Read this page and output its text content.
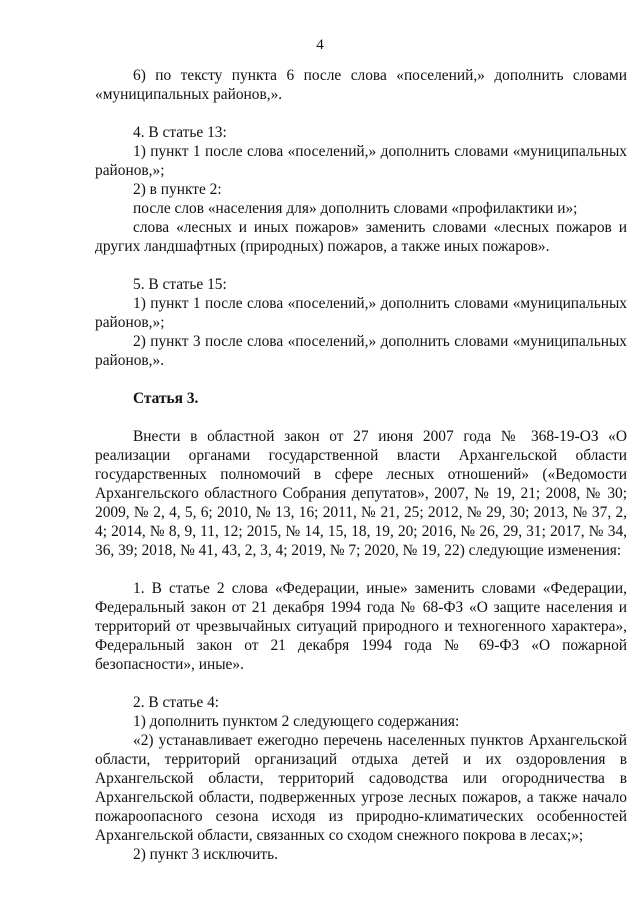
4

6) по тексту пункта 6 после слова «поселений,» дополнить словами «муниципальных районов,».

4. В статье 13:

1) пункт 1 после слова «поселений,» дополнить словами «муниципальных районов,»;

2) в пункте 2:

после слов «населения для» дополнить словами «профилактики и»;

слова «лесных и иных пожаров» заменить словами «лесных пожаров и других ландшафтных (природных) пожаров, а также иных пожаров».

5. В статье 15:

1) пункт 1 после слова «поселений,» дополнить словами «муниципальных районов,»;

2) пункт 3 после слова «поселений,» дополнить словами «муниципальных районов,».

Статья 3.

Внести в областной закон от 27 июня 2007 года № 368-19-ОЗ «О реализации органами государственной власти Архангельской области государственных полномочий в сфере лесных отношений» («Ведомости Архангельского областного Собрания депутатов», 2007, № 19, 21; 2008, № 30; 2009, № 2, 4, 5, 6; 2010, № 13, 16; 2011, № 21, 25; 2012, № 29, 30; 2013, № 37, 2, 4; 2014, № 8, 9, 11, 12; 2015, № 14, 15, 18, 19, 20; 2016, № 26, 29, 31; 2017, № 34, 36, 39; 2018, № 41, 43, 2, 3, 4; 2019, № 7; 2020, № 19, 22) следующие изменения:

1. В статье 2 слова «Федерации, иные» заменить словами «Федерации, Федеральный закон от 21 декабря 1994 года № 68-ФЗ «О защите населения и территорий от чрезвычайных ситуаций природного и техногенного характера», Федеральный закон от 21 декабря 1994 года № 69-ФЗ «О пожарной безопасности», иные».

2. В статье 4:

1) дополнить пунктом 2 следующего содержания:

«2) устанавливает ежегодно перечень населенных пунктов Архангельской области, территорий организаций отдыха детей и их оздоровления в Архангельской области, территорий садоводства или огородничества в Архангельской области, подверженных угрозе лесных пожаров, а также начало пожароопасного сезона исходя из природно-климатических особенностей Архангельской области, связанных со сходом снежного покрова в лесах;»;

2) пункт 3 исключить.
